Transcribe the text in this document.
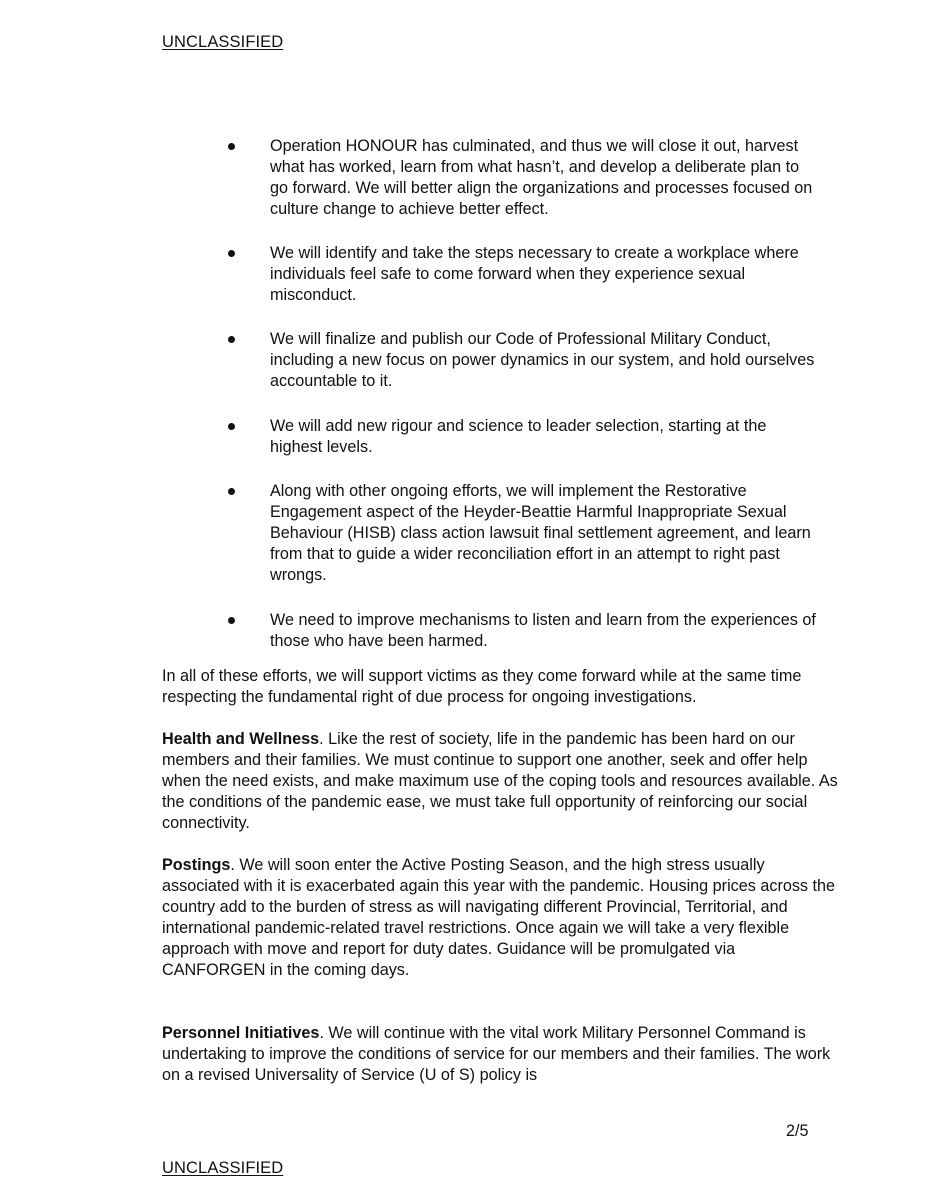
UNCLASSIFIED
Operation HONOUR has culminated, and thus we will close it out, harvest what has worked, learn from what hasn’t, and develop a deliberate plan to go forward. We will better align the organizations and processes focused on culture change to achieve better effect.
We will identify and take the steps necessary to create a workplace where individuals feel safe to come forward when they experience sexual misconduct.
We will finalize and publish our Code of Professional Military Conduct, including a new focus on power dynamics in our system, and hold ourselves accountable to it.
We will add new rigour and science to leader selection, starting at the highest levels.
Along with other ongoing efforts, we will implement the Restorative Engagement aspect of the Heyder-Beattie Harmful Inappropriate Sexual Behaviour (HISB) class action lawsuit final settlement agreement, and learn from that to guide a wider reconciliation effort in an attempt to right past wrongs.
We need to improve mechanisms to listen and learn from the experiences of those who have been harmed.

In all of these efforts, we will support victims as they come forward while at the same time respecting the fundamental right of due process for ongoing investigations.

Health and Wellness. Like the rest of society, life in the pandemic has been hard on our members and their families. We must continue to support one another, seek and offer help when the need exists, and make maximum use of the coping tools and resources available. As the conditions of the pandemic ease, we must take full opportunity of reinforcing our social connectivity.

Postings. We will soon enter the Active Posting Season, and the high stress usually associated with it is exacerbated again this year with the pandemic. Housing prices across the country add to the burden of stress as will navigating different Provincial, Territorial, and international pandemic-related travel restrictions. Once again we will take a very flexible approach with move and report for duty dates. Guidance will be promulgated via CANFORGEN in the coming days.

Personnel Initiatives. We will continue with the vital work Military Personnel Command is undertaking to improve the conditions of service for our members and their families. The work on a revised Universality of Service (U of S) policy is

2/5
UNCLASSIFIED
